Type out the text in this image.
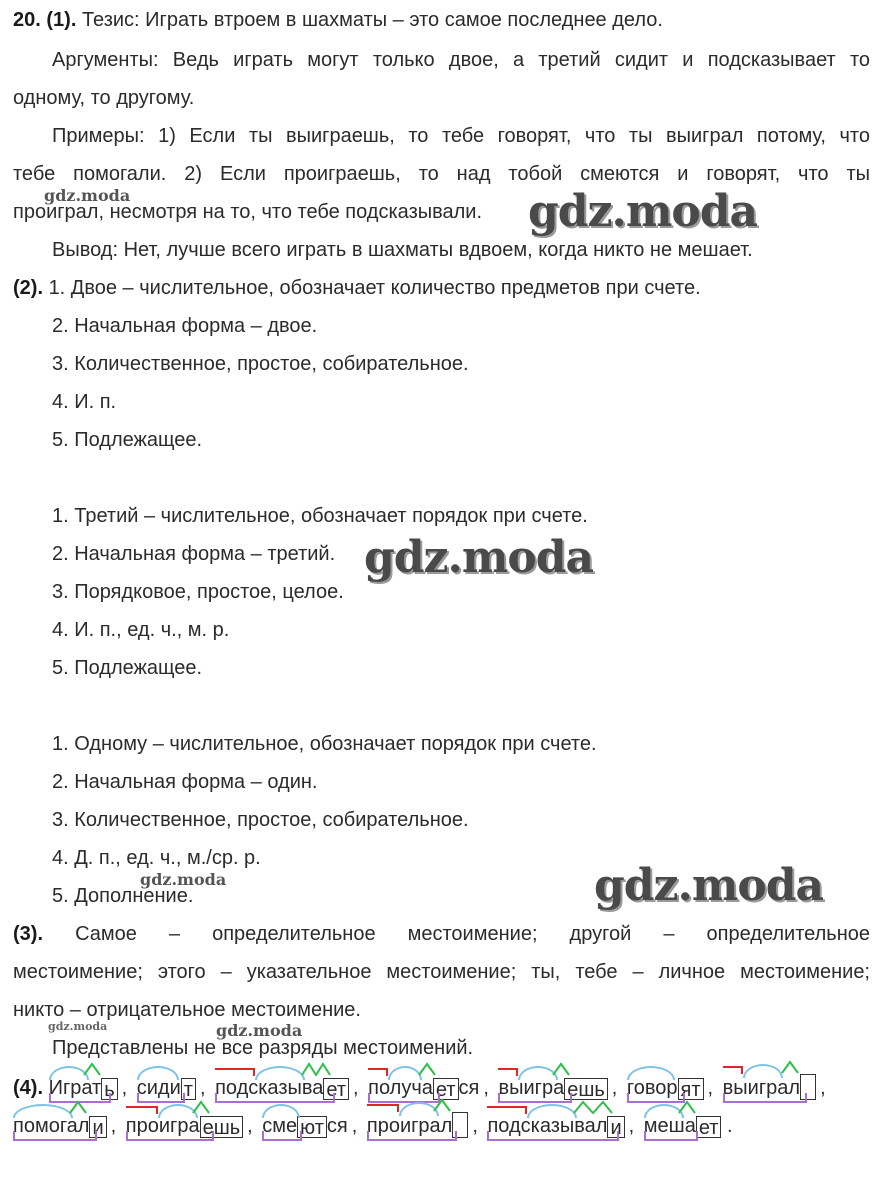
20. (1). Тезис: Играть втроем в шахматы – это самое последнее дело.
Аргументы: Ведь играть могут только двое, а третий сидит и подсказывает то
одному, то другому.
Примеры: 1) Если ты выиграешь, то тебе говорят, что ты выиграл потому, что
тебе помогали. 2) Если проиграешь, то над тобой смеются и говорят, что ты
проиграл, несмотря на то, что тебе подсказывали.
Вывод: Нет, лучше всего играть в шахматы вдвоем, когда никто не мешает.
(2). 1. Двое – числительное, обозначает количество предметов при счете.
2. Начальная форма – двое.
3. Количественное, простое, собирательное.
4. И. п.
5. Подлежащее.
1. Третий – числительное, обозначает порядок при счете.
2. Начальная форма – третий.
3. Порядковое, простое, целое.
4. И. п., ед. ч., м. р.
5. Подлежащее.
1. Одному – числительное, обозначает порядок при счете.
2. Начальная форма – один.
3. Количественное, простое, собирательное.
4. Д. п., ед. ч., м./ср. р.
5. Дополнение.
(3). Самое – определительное местоимение; другой – определительное
местоимение; этого – указательное местоимение; ты, тебе – личное местоимение;
никто – отрицательное местоимение.
Представлены не все разряды местоимений.
(4). Играт ь , сиди т , подсказыва ет , получа ет ся , выигра ешь , говор ят , выиграл ,
помогал и , проигра ешь , сме ют ся , проиграл , подсказывал и , меша ет .
gdz.moda
gdz.moda
gdz.moda
gdz.moda
gdz.moda
gdz.moda
gdz.moda
